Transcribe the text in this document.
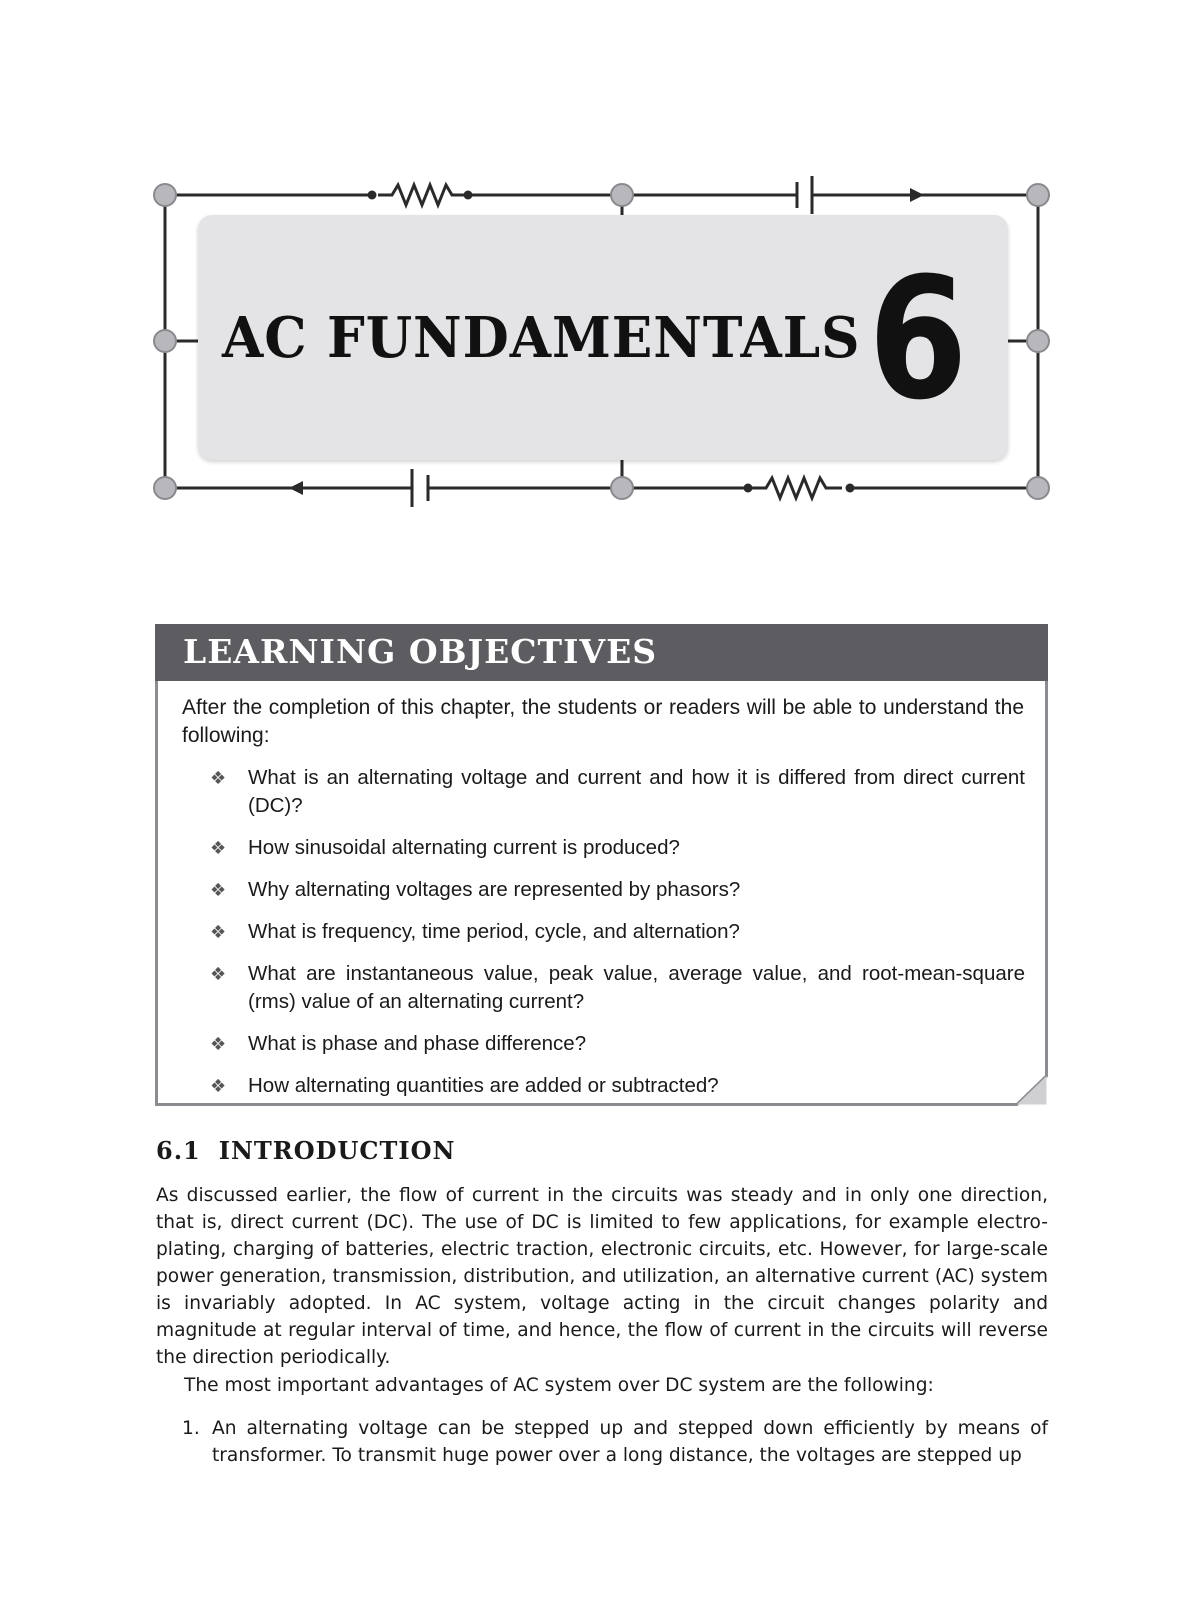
AC FUNDAMENTALS 6
LEARNING OBJECTIVES

After the completion of this chapter, the students or readers will be able to understand the following:

❖ What is an alternating voltage and current and how it is differed from direct current (DC)?
❖ How sinusoidal alternating current is produced?
❖ Why alternating voltages are represented by phasors?
❖ What is frequency, time period, cycle, and alternation?
❖ What are instantaneous value, peak value, average value, and root-mean-square (rms) value of an alternating current?
❖ What is phase and phase difference?
❖ How alternating quantities are added or subtracted?
6.1 INTRODUCTION

As discussed earlier, the flow of current in the circuits was steady and in only one direction, that is, direct current (DC). The use of DC is limited to few applications, for example electro-plating, charging of batteries, electric traction, electronic circuits, etc. However, for large-scale power generation, transmission, distribution, and utilization, an alternative current (AC) system is invariably adopted. In AC system, voltage acting in the circuit changes polarity and magnitude at regular interval of time, and hence, the flow of current in the circuits will reverse the direction periodically.

The most important advantages of AC system over DC system are the following:

1. An alternating voltage can be stepped up and stepped down efficiently by means of transformer. To transmit huge power over a long distance, the voltages are stepped up
